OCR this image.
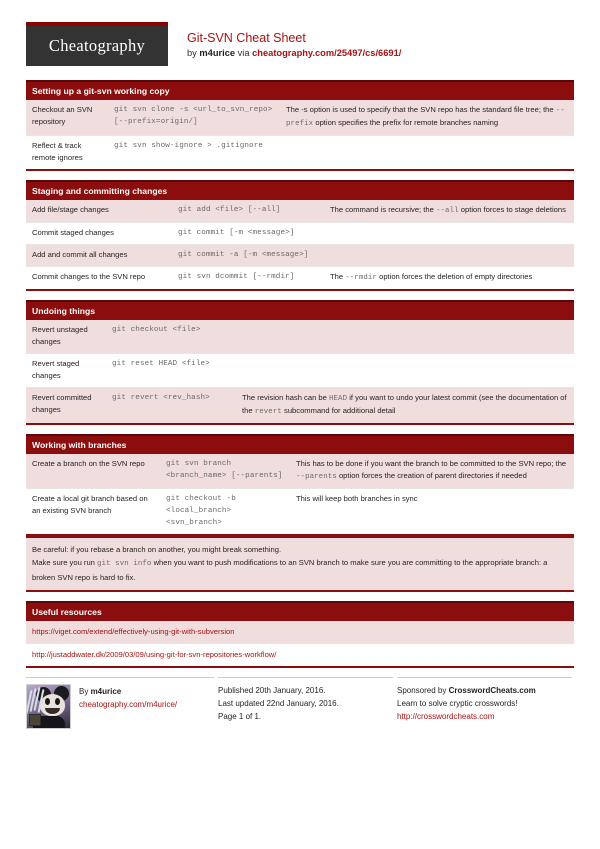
Cheatography	Git-SVN Cheat Sheet
by m4urice via cheatography.com/25497/cs/6691/
Setting up a git-svn working copy
Checkout an SVN repository	git svn clone -s <url_to_svn_repo> [--prefix=origin/]	The -s option is used to specify that the SVN repo has the standard file tree; the --prefix option specifies the prefix for remote branches naming
Reflect & track remote ignores	git svn show-ignore > .gitignore	
Staging and committing changes
Add file/stage changes	git add <file> [--all]	The command is recursive; the --all option forces to stage deletions
Commit staged changes	git commit [-m <message>]	
Add and commit all changes	git commit -a [-m <message>]	
Commit changes to the SVN repo	git svn dcommit [--rmdir]	The --rmdir option forces the deletion of empty directories
Undoing things
Revert unstaged changes	git checkout <file>	
Revert staged changes	git reset HEAD <file>	
Revert committed changes	git revert <rev_hash>	The revision hash can be HEAD if you want to undo your latest commit (see the documentation of the revert subcommand for additional detail
Working with branches
Create a branch on the SVN repo	git svn branch <branch_name> [--parents]	This has to be done if you want the branch to be committed to the SVN repo; the --parents option forces the creation of parent directories if needed
Create a local git branch based on an existing SVN branch	git checkout -b <local_branch> <svn_branch>	This will keep both branches in sync

Be careful: if you rebase a branch on another, you might break something.

Make sure you run git svn info when you want to push modifications to an SVN branch to make sure you are committing to the appropriate branch: a broken SVN repo is hard to fix.

Useful resources
https://viget.com/extend/effectively-using-git-with-subversion
http://justaddwater.dk/2009/03/09/using-git-for-svn-repositories-workflow/
By m4urice
cheatography.com/m4urice/
Published 20th January, 2016.
Last updated 22nd January, 2016.
Page 1 of 1.
Sponsored by CrosswordCheats.com
Learn to solve cryptic crosswords!
http://crosswordcheats.com
